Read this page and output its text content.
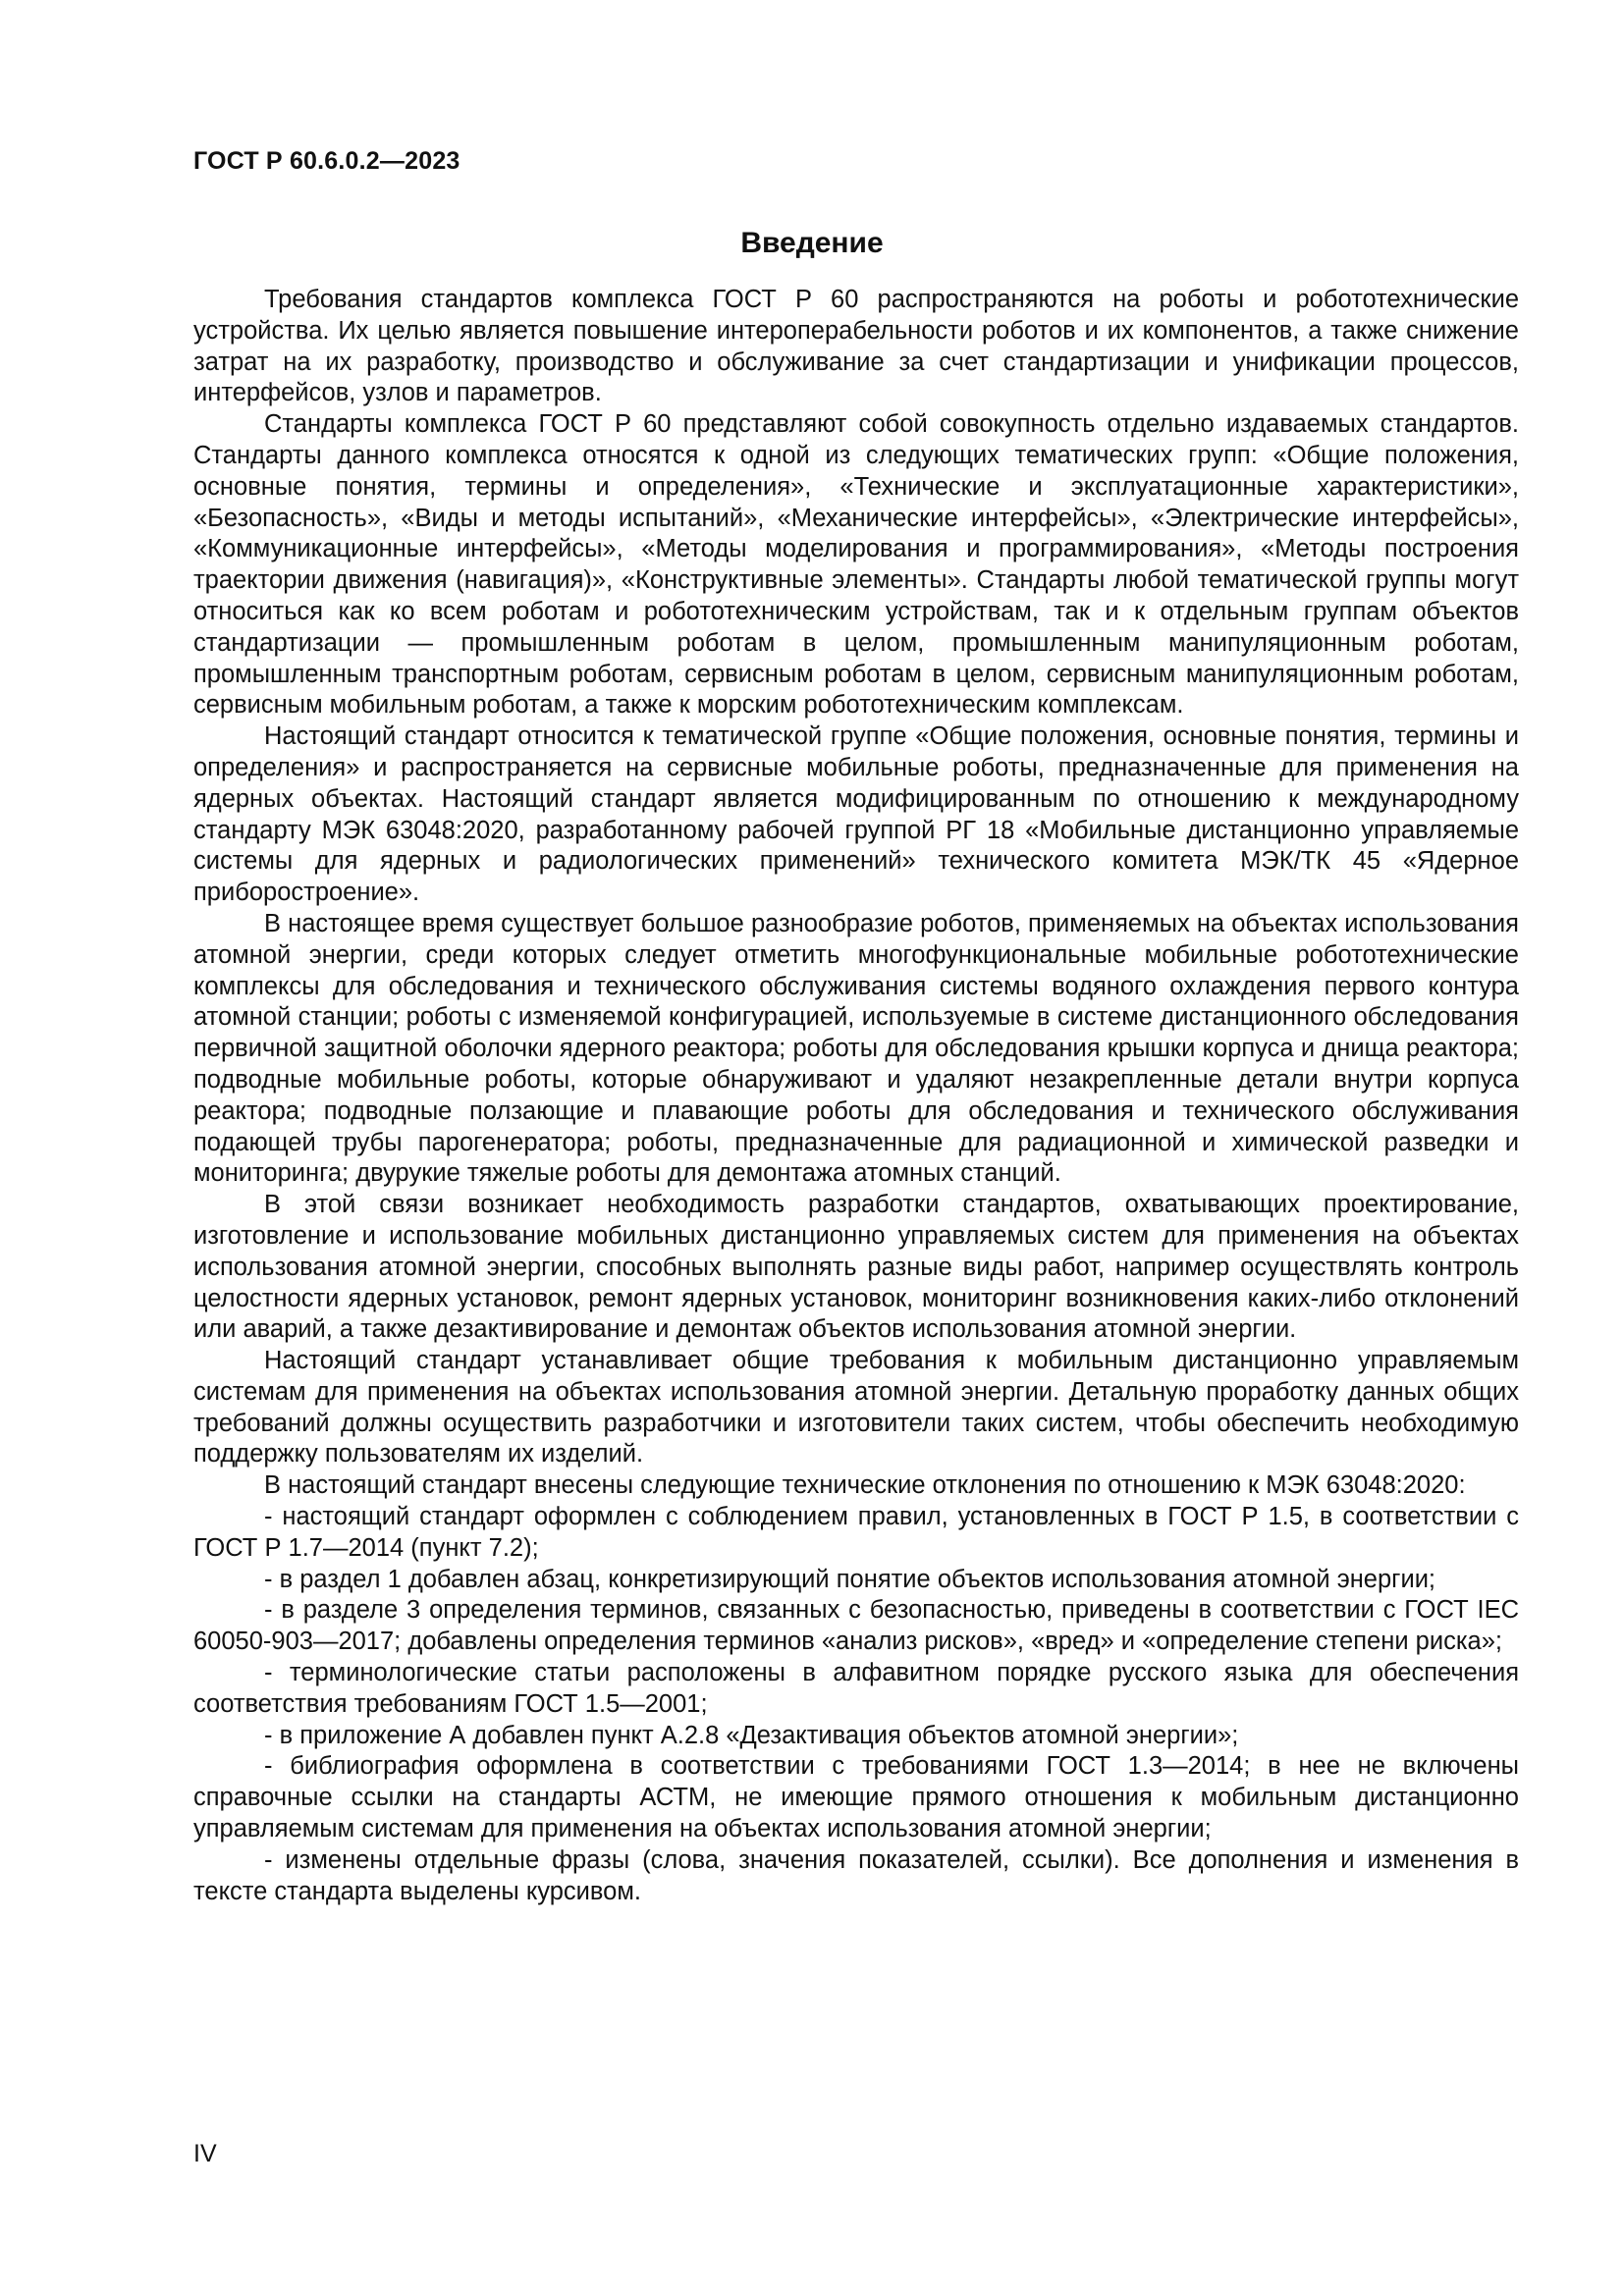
ГОСТ Р 60.6.0.2—2023
Введение

Требования стандартов комплекса ГОСТ Р 60 распространяются на роботы и робототехнические устройства. Их целью является повышение интероперабельности роботов и их компонентов, а также снижение затрат на их разработку, производство и обслуживание за счет стандартизации и унификации процессов, интерфейсов, узлов и параметров.

Стандарты комплекса ГОСТ Р 60 представляют собой совокупность отдельно издаваемых стандартов. Стандарты данного комплекса относятся к одной из следующих тематических групп: «Общие положения, основные понятия, термины и определения», «Технические и эксплуатационные характеристики», «Безопасность», «Виды и методы испытаний», «Механические интерфейсы», «Электрические интерфейсы», «Коммуникационные интерфейсы», «Методы моделирования и программирования», «Методы построения траектории движения (навигация)», «Конструктивные элементы». Стандарты любой тематической группы могут относиться как ко всем роботам и робототехническим устройствам, так и к отдельным группам объектов стандартизации — промышленным роботам в целом, промышленным манипуляционным роботам, промышленным транспортным роботам, сервисным роботам в целом, сервисным манипуляционным роботам, сервисным мобильным роботам, а также к морским робототехническим комплексам.

Настоящий стандарт относится к тематической группе «Общие положения, основные понятия, термины и определения» и распространяется на сервисные мобильные роботы, предназначенные для применения на ядерных объектах. Настоящий стандарт является модифицированным по отношению к международному стандарту МЭК 63048:2020, разработанному рабочей группой РГ 18 «Мобильные дистанционно управляемые системы для ядерных и радиологических применений» технического комитета МЭК/ТК 45 «Ядерное приборостроение».

В настоящее время существует большое разнообразие роботов, применяемых на объектах использования атомной энергии, среди которых следует отметить многофункциональные мобильные робототехнические комплексы для обследования и технического обслуживания системы водяного охлаждения первого контура атомной станции; роботы с изменяемой конфигурацией, используемые в системе дистанционного обследования первичной защитной оболочки ядерного реактора; роботы для обследования крышки корпуса и днища реактора; подводные мобильные роботы, которые обнаруживают и удаляют незакрепленные детали внутри корпуса реактора; подводные ползающие и плавающие роботы для обследования и технического обслуживания подающей трубы парогенератора; роботы, предназначенные для радиационной и химической разведки и мониторинга; двурукие тяжелые роботы для демонтажа атомных станций.

В этой связи возникает необходимость разработки стандартов, охватывающих проектирование, изготовление и использование мобильных дистанционно управляемых систем для применения на объектах использования атомной энергии, способных выполнять разные виды работ, например осуществлять контроль целостности ядерных установок, ремонт ядерных установок, мониторинг возникновения каких-либо отклонений или аварий, а также дезактивирование и демонтаж объектов использования атомной энергии.

Настоящий стандарт устанавливает общие требования к мобильным дистанционно управляемым системам для применения на объектах использования атомной энергии. Детальную проработку данных общих требований должны осуществить разработчики и изготовители таких систем, чтобы обеспечить необходимую поддержку пользователям их изделий.

В настоящий стандарт внесены следующие технические отклонения по отношению к МЭК 63048:2020:

- настоящий стандарт оформлен с соблюдением правил, установленных в ГОСТ Р 1.5, в соответствии с ГОСТ Р 1.7—2014 (пункт 7.2);

- в раздел 1 добавлен абзац, конкретизирующий понятие объектов использования атомной энергии;

- в разделе 3 определения терминов, связанных с безопасностью, приведены в соответствии с ГОСТ IEC 60050-903—2017; добавлены определения терминов «анализ рисков», «вред» и «определение степени риска»;

- терминологические статьи расположены в алфавитном порядке русского языка для обеспечения соответствия требованиям ГОСТ 1.5—2001;

- в приложение А добавлен пункт А.2.8 «Дезактивация объектов атомной энергии»;

- библиография оформлена в соответствии с требованиями ГОСТ 1.3—2014; в нее не включены справочные ссылки на стандарты АСТМ, не имеющие прямого отношения к мобильным дистанционно управляемым системам для применения на объектах использования атомной энергии;

- изменены отдельные фразы (слова, значения показателей, ссылки). Все дополнения и изменения в тексте стандарта выделены курсивом.

IV
